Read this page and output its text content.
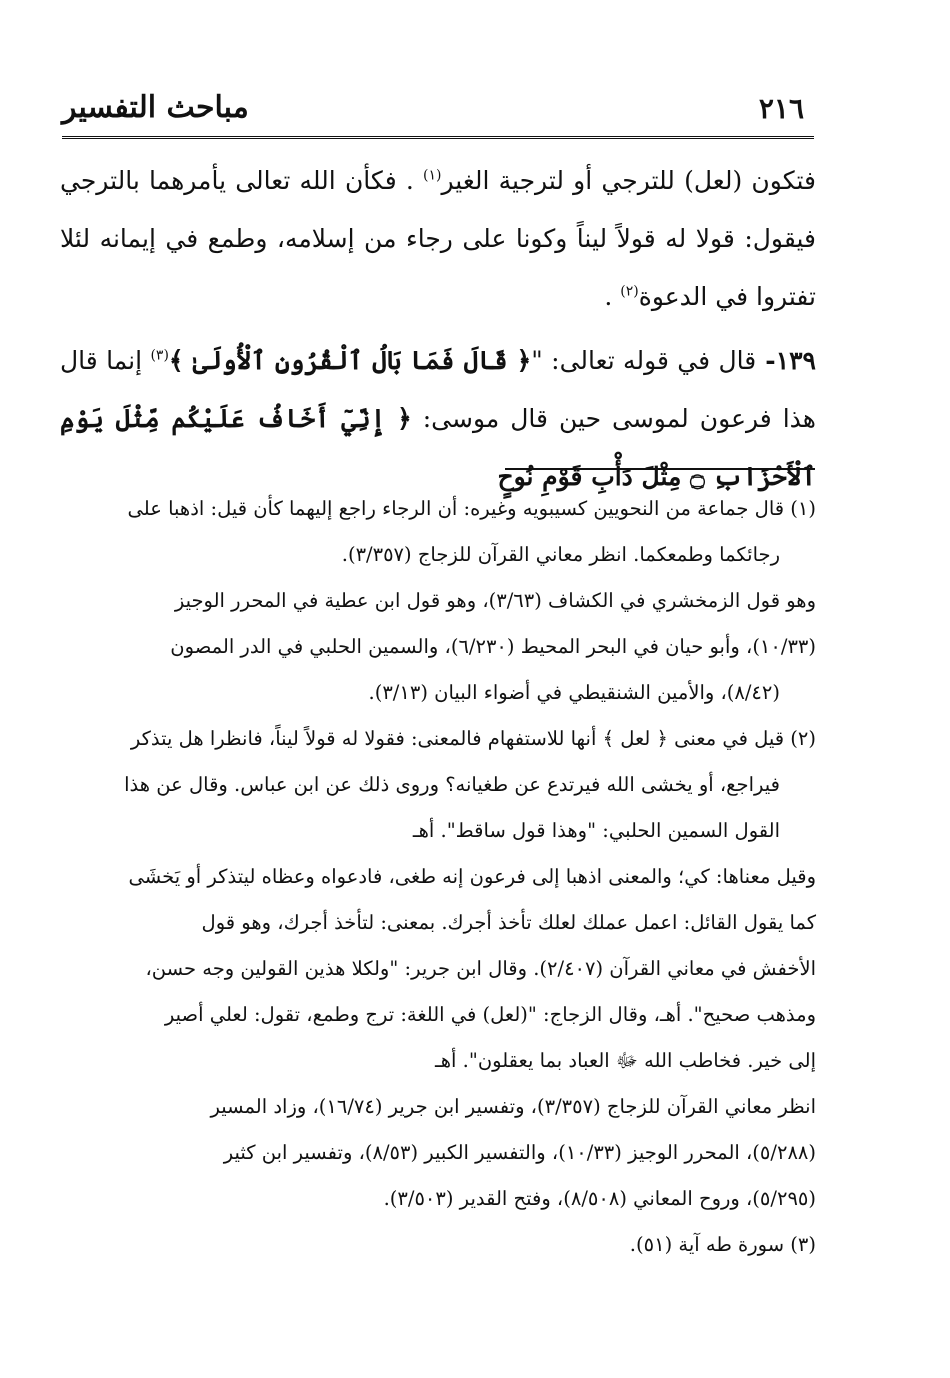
٢١٦
مباحث التفسير

فتكون (لعل) للترجي أو لترجية الغير$^{(١)}$ . فكأن الله تعالى يأمرهما بالترجي فيقول: قولا له قولاً ليناً وكونا على رجاء من إسلامه، وطمع في إيمانه لئلا تفتروا في الدعوة$^{(٢)}$ .

١٣٩- قال في قوله تعالى: "﴿ قَالَ فَمَا بَالُ ٱلْقُرُونِ ٱلْأُولَىٰ ﴾$^{(٣)}$ إنما قال هذا فرعون لموسى حين قال موسى: ﴿ إِنِّيٓ أَخَافُ عَلَيْكُم مِّثْلَ يَوْمِ ٱلْأَحْزَابِ ۝ مِثْلَ دَأْبِ قَوْمِ نُوحٍ

(١) قال جماعة من النحويين كسيبويه وغيره: أن الرجاء راجع إليهما كأن قيل: اذهبا على

رجائكما وطمعكما. انظر معاني القرآن للزجاج (٣/٣٥٧).

وهو قول الزمخشري في الكشاف (٣/٦٣)، وهو قول ابن عطية في المحرر الوجيز

(١٠/٣٣)، وأبو حيان في البحر المحيط (٦/٢٣٠)، والسمين الحلبي في الدر المصون

(٨/٤٢)، والأمين الشنقيطي في أضواء البيان (٣/١٣).

(٢) قيل في معنى ﴿ لعل ﴾ أنها للاستفهام فالمعنى: فقولا له قولاً ليناً، فانظرا هل يتذكر

فيراجع، أو يخشى الله فيرتدع عن طغيانه؟ وروى ذلك عن ابن عباس. وقال عن هذا

القول السمين الحلبي: "وهذا قول ساقط". أهـ

وقيل معناها: كي؛ والمعنى اذهبا إلى فرعون إنه طغى، فادعواه وعظاه ليتذكر أو يَخشَى

كما يقول القائل: اعمل عملك لعلك تأخذ أجرك. بمعنى: لتأخذ أجرك، وهو قول

الأخفش في معاني القرآن (٢/٤٠٧). وقال ابن جرير: "ولكلا هذين القولين وجه حسن،

ومذهب صحيح". أهـ، وقال الزجاج: "(لعل) في اللغة: ترج وطمع، تقول: لعلي أصير

إلى خير. فخاطب الله ﷻ العباد بما يعقلون". أهـ

انظر معاني القرآن للزجاج (٣/٣٥٧)، وتفسير ابن جرير (١٦/٧٤)، وزاد المسير

(٥/٢٨٨)، المحرر الوجيز (١٠/٣٣)، والتفسير الكبير (٨/٥٣)، وتفسير ابن كثير

(٥/٢٩٥)، وروح المعاني (٨/٥٠٨)، وفتح القدير (٣/٥٠٣).

(٣) سورة طه آية (٥١).
